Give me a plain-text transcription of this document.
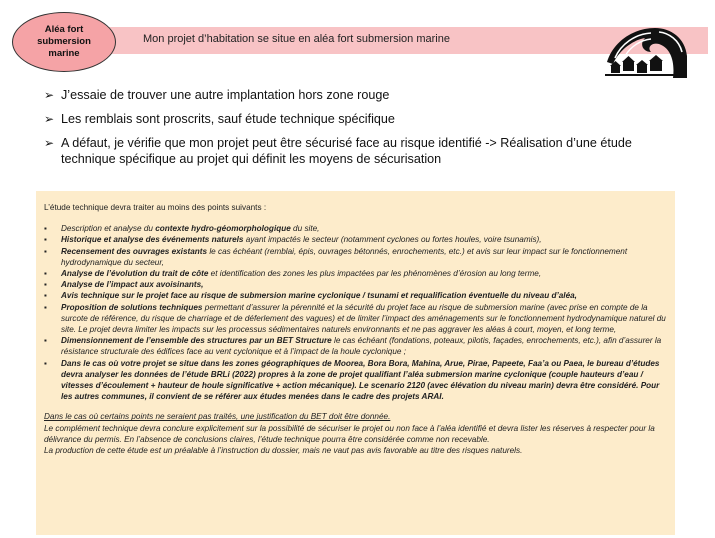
Aléa fort
submersion
marine
Mon projet d’habitation se situe en aléa fort submersion marine
➢ J’essaie de trouver une autre implantation hors zone rouge
➢ Les remblais sont proscrits, sauf étude technique spécifique
➢ A défaut, je vérifie que mon projet peut être sécurisé face au risque identifié -> Réalisation d’une étude technique spécifique au projet qui définit les moyens de sécurisation

L’étude technique devra traiter au moins des points suivants :

▪ Description et analyse du contexte hydro-géomorphologique du site,
▪ Historique et analyse des événements naturels ayant impactés le secteur (notamment cyclones ou fortes houles, voire tsunamis),
▪ Recensement des ouvrages existants le cas échéant (remblai, épis, ouvrages bétonnés, enrochements, etc.) et avis sur leur impact sur le fonctionnement hydrodynamique du secteur,
▪ Analyse de l’évolution du trait de côte et identification des zones les plus impactées par les phénomènes d’érosion au long terme,
▪ Analyse de l’impact aux avoisinants,
▪ Avis technique sur le projet face au risque de submersion marine cyclonique / tsunami et requalification éventuelle du niveau d’aléa,
▪ Proposition de solutions techniques permettant d’assurer la pérennité et la sécurité du projet face au risque de submersion marine (avec prise en compte de la surcote de référence, du risque de charriage et de déferlement des vagues) et de limiter l’impact des aménagements sur le fonctionnement hydrodynamique naturel du site. Le projet devra limiter les impacts sur les processus sédimentaires naturels environnants et ne pas aggraver les aléas à court, moyen, et long terme,
▪ Dimensionnement de l’ensemble des structures par un BET Structure le cas échéant (fondations, poteaux, pilotis, façades, enrochements, etc.), afin d’assurer la résistance structurale des édifices face au vent cyclonique et à l’impact de la houle cyclonique ;
▪ Dans le cas où votre projet se situe dans les zones géographiques de Moorea, Bora Bora, Mahina, Arue, Pirae, Papeete, Faa’a ou Paea, le bureau d’études devra analyser les données de l’étude BRLi (2022) propres à la zone de projet qualifiant l’aléa submersion marine cyclonique (couple hauteurs d’eau / vitesses d’écoulement + hauteur de houle significative + action mécanique). Le scenario 2120 (avec élévation du niveau marin) devra être considéré. Pour les autres communes, il convient de se référer aux études menées dans le cadre des projets ARAI.

Dans le cas où certains points ne seraient pas traités, une justification du BET doit être donnée.

Le complément technique devra conclure explicitement sur la possibilité de sécuriser le projet ou non face à l’aléa identifié et devra lister les réserves à respecter pour la délivrance du permis. En l’absence de conclusions claires, l’étude technique pourra être considérée comme non recevable.

La production de cette étude est un préalable à l’instruction du dossier, mais ne vaut pas avis favorable au titre des risques naturels.
